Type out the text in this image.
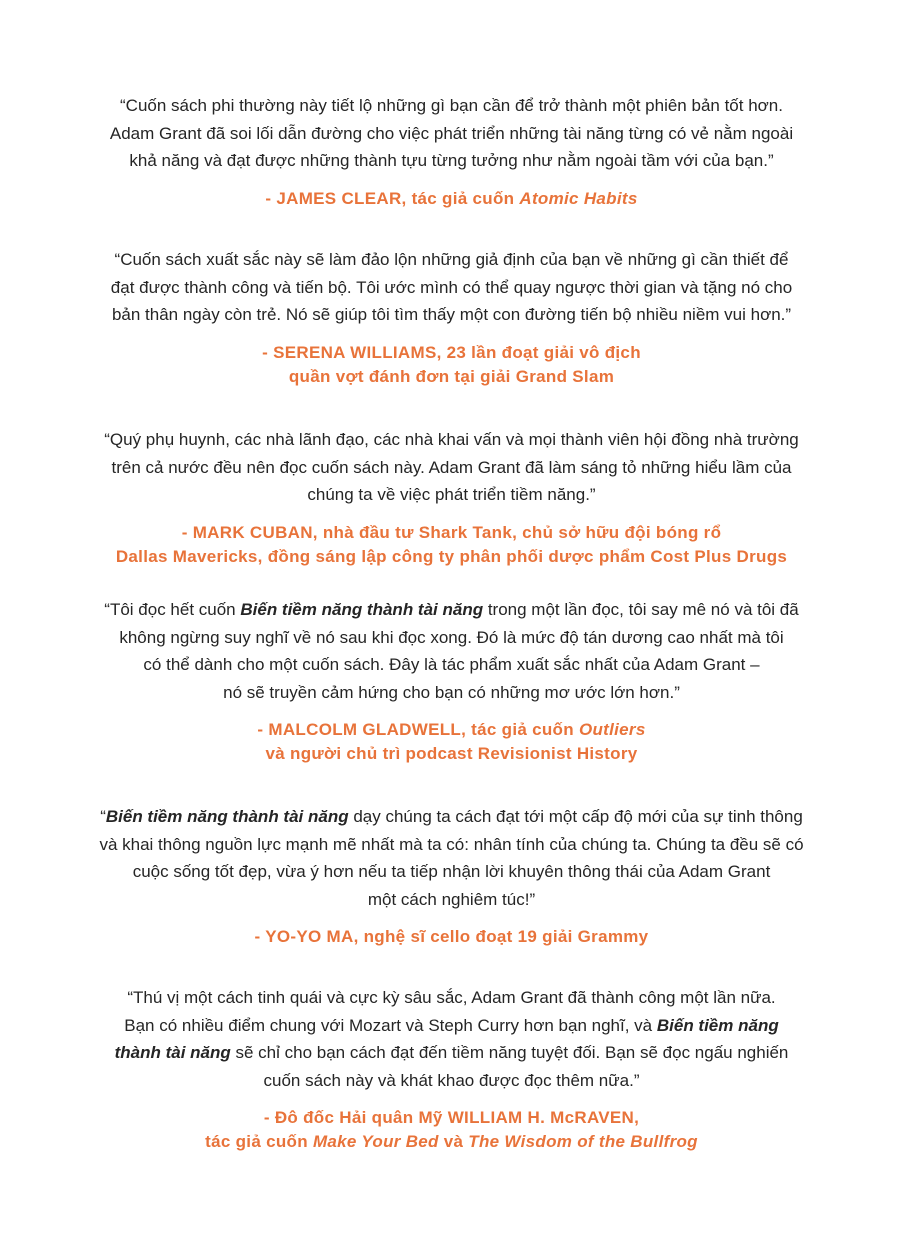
“Cuốn sách phi thường này tiết lộ những gì bạn cần để trở thành một phiên bản tốt hơn.
Adam Grant đã soi lối dẫn đường cho việc phát triển những tài năng từng có vẻ nằm ngoài
khả năng và đạt được những thành tựu từng tưởng như nằm ngoài tầm với của bạn.”

- JAMES CLEAR, tác giả cuốn Atomic Habits

“Cuốn sách xuất sắc này sẽ làm đảo lộn những giả định của bạn về những gì cần thiết để
đạt được thành công và tiến bộ. Tôi ước mình có thể quay ngược thời gian và tặng nó cho
bản thân ngày còn trẻ. Nó sẽ giúp tôi tìm thấy một con đường tiến bộ nhiều niềm vui hơn.”

- SERENA WILLIAMS, 23 lần đoạt giải vô địch
quần vợt đánh đơn tại giải Grand Slam

“Quý phụ huynh, các nhà lãnh đạo, các nhà khai vấn và mọi thành viên hội đồng nhà trường
trên cả nước đều nên đọc cuốn sách này. Adam Grant đã làm sáng tỏ những hiểu lầm của
chúng ta về việc phát triển tiềm năng.”

- MARK CUBAN, nhà đầu tư Shark Tank, chủ sở hữu đội bóng rổ
Dallas Mavericks, đồng sáng lập công ty phân phối dược phẩm Cost Plus Drugs

“Tôi đọc hết cuốn Biến tiềm năng thành tài năng trong một lần đọc, tôi say mê nó và tôi đã
không ngừng suy nghĩ về nó sau khi đọc xong. Đó là mức độ tán dương cao nhất mà tôi
có thể dành cho một cuốn sách. Đây là tác phẩm xuất sắc nhất của Adam Grant –
nó sẽ truyền cảm hứng cho bạn có những mơ ước lớn hơn.”

- MALCOLM GLADWELL, tác giả cuốn Outliers
và người chủ trì podcast Revisionist History

“Biến tiềm năng thành tài năng dạy chúng ta cách đạt tới một cấp độ mới của sự tinh thông
và khai thông nguồn lực mạnh mẽ nhất mà ta có: nhân tính của chúng ta. Chúng ta đều sẽ có
cuộc sống tốt đẹp, vừa ý hơn nếu ta tiếp nhận lời khuyên thông thái của Adam Grant
một cách nghiêm túc!”

- YO-YO MA, nghệ sĩ cello đoạt 19 giải Grammy

“Thú vị một cách tinh quái và cực kỳ sâu sắc, Adam Grant đã thành công một lần nữa.
Bạn có nhiều điểm chung với Mozart và Steph Curry hơn bạn nghĩ, và Biến tiềm năng
thành tài năng sẽ chỉ cho bạn cách đạt đến tiềm năng tuyệt đối. Bạn sẽ đọc ngấu nghiến
cuốn sách này và khát khao được đọc thêm nữa.”

- Đô đốc Hải quân Mỹ WILLIAM H. McRAVEN,
tác giả cuốn Make Your Bed và The Wisdom of the Bullfrog
